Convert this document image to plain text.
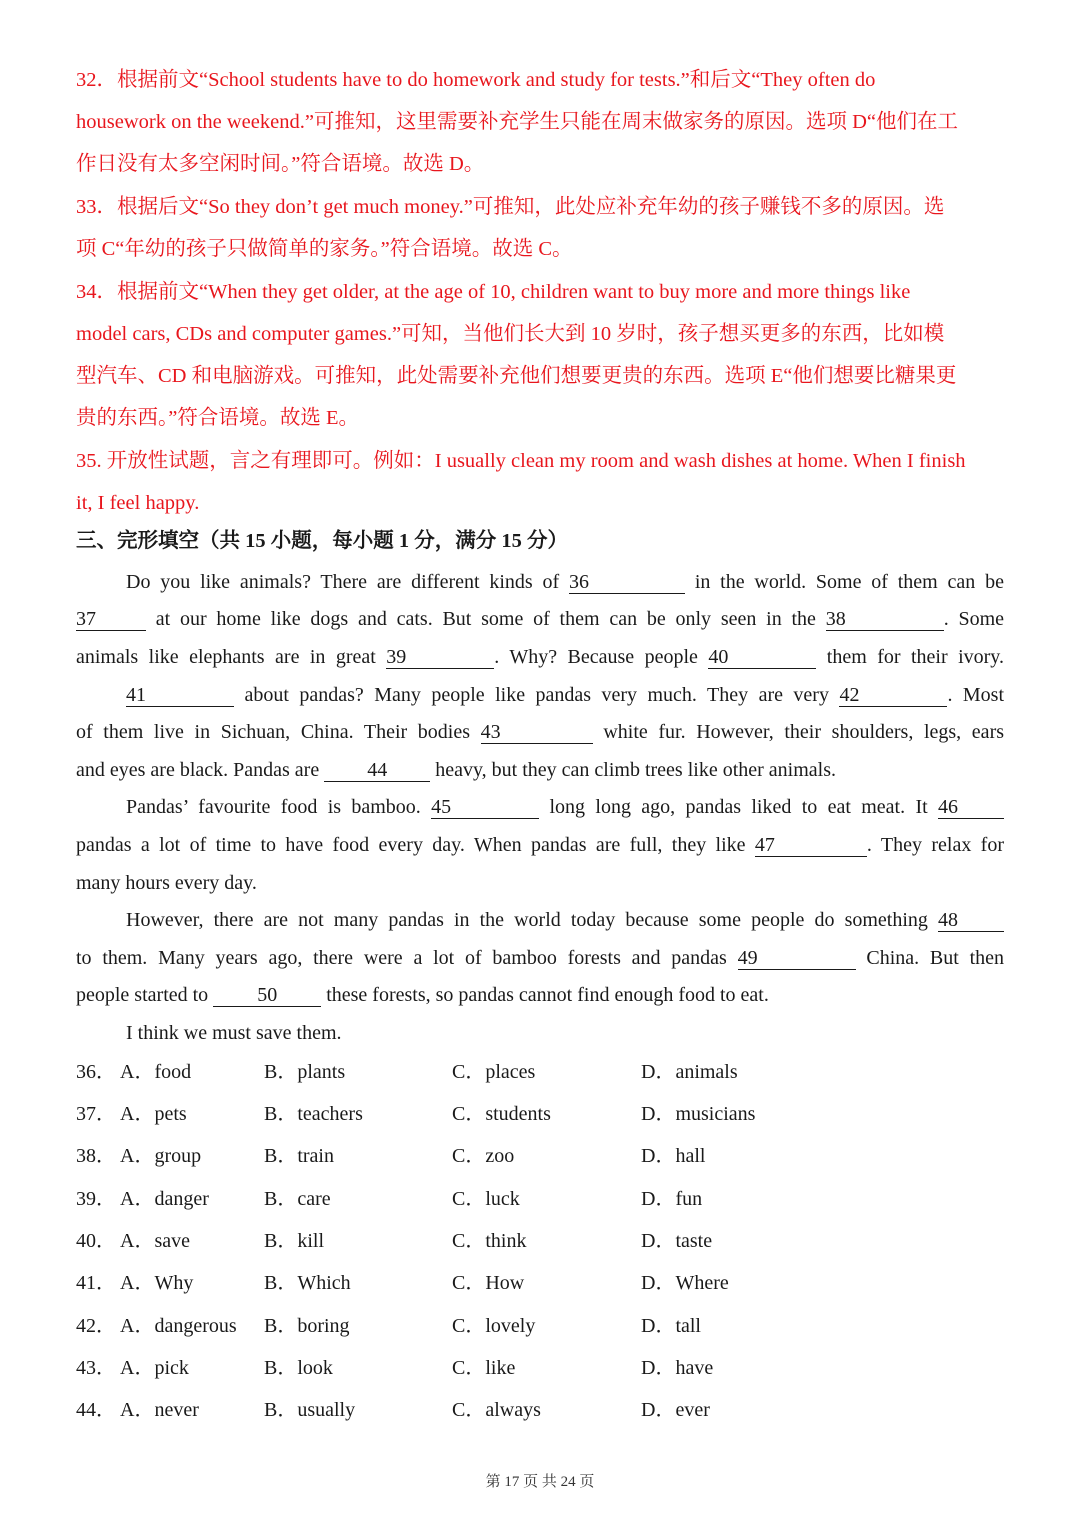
32．根据前文“School students have to do homework and study for tests.”和后文“They often do
housework on the weekend.”可推知，这里需要补充学生只能在周末做家务的原因。选项 D“他们在工
作日没有太多空闲时间。”符合语境。故选 D。
33．根据后文“So they don’t get much money.”可推知，此处应补充年幼的孩子赚钱不多的原因。选
项 C“年幼的孩子只做简单的家务。”符合语境。故选 C。
34．根据前文“When they get older, at the age of 10, children want to buy more and more things like
model cars, CDs and computer games.”可知，当他们长大到 10 岁时，孩子想买更多的东西，比如模
型汽车、CD 和电脑游戏。可推知，此处需要补充他们想要更贵的东西。选项 E“他们想要比糖果更
贵的东西。”符合语境。故选 E。
35. 开放性试题，言之有理即可。例如：I usually clean my room and wash dishes at home. When I finish
it, I feel happy.
三、完形填空（共 15 小题，每小题 1 分，满分 15 分）
Do you like animals? There are different kinds of 36	in the world. Some of them can be
37	at our home like dogs and cats. But some of them can be only seen in the 38	. Some
animals like elephants are in great 39	. Why? Because people 40	them for their ivory.
41	about pandas? Many people like pandas very much. They are very 42	. Most
of them live in Sichuan, China. Their bodies 43	white fur. However, their shoulders, legs, ears
and eyes are black. Pandas are 44 heavy, but they can climb trees like other animals.
Pandas’ favourite food is bamboo. 45	long long ago, pandas liked to eat meat. It 46
pandas a lot of time to have food every day. When pandas are full, they like 47	. They relax for
many hours every day.
However, there are not many pandas in the world today because some people do something 48
to them. Many years ago, there were a lot of bamboo forests and pandas 49	China. But then
people started to 50 these forests, so pandas cannot find enough food to eat.
I think we must save them.
36． A．food	B．plants	C．places	D．animals
37． A．pets	B．teachers	C．students	D．musicians
38． A．group	B．train	C．zoo	D．hall
39． A．danger	B．care	C．luck	D．fun
40． A．save	B．kill	C．think	D．taste
41． A．Why	B．Which	C．How	D．Where
42． A．dangerous B．boring	C．lovely	D．tall
43． A．pick	B．look	C．like	D．have
44． A．never	B．usually	C．always	D．ever
第 17 页 共 24 页
